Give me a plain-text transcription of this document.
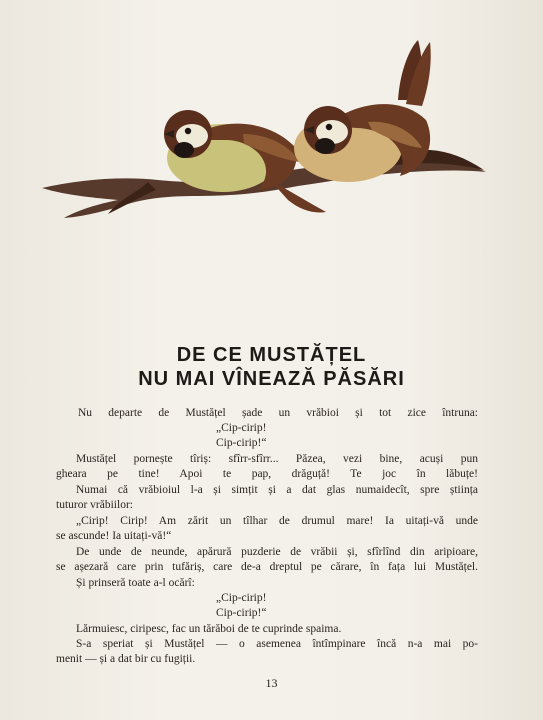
DE CE MUSTĂȚEL
NU MAI VÎNEAZĂ PĂSĂRI
Nu departe de Mustățel șade un vrăbioi și tot zice întruna:
„Cip-cirip!
Cip-cirip!“
Mustățel pornește tîriș: sfîrr-sfîrr... Păzea, vezi bine, acuși pun
gheara pe tine! Apoi te pap, drăguță! Te joc în lăbuțe!
Numai că vrăbioiul l-a și simțit și a dat glas numaidecît, spre știința
tuturor vrăbiilor:
„Cirip! Cirip! Am zărit un tîlhar de drumul mare! Ia uitați-vă unde
se ascunde! Ia uitați-vă!“
De unde de neunde, apărură puzderie de vrăbii și, sfîrlînd din aripioare,
se așezară care prin tufăriș, care de-a dreptul pe cărare, în fața lui Mustățel.
Și prinseră toate a-l ocărî:
„Cip-cirip!
Cip-cirip!“
Lărmuiesc, ciripesc, fac un tărăboi de te cuprinde spaima.
S-a speriat și Mustățel — o asemenea întîmpinare încă n-a mai po-
menit — și a dat bir cu fugiții.
13
